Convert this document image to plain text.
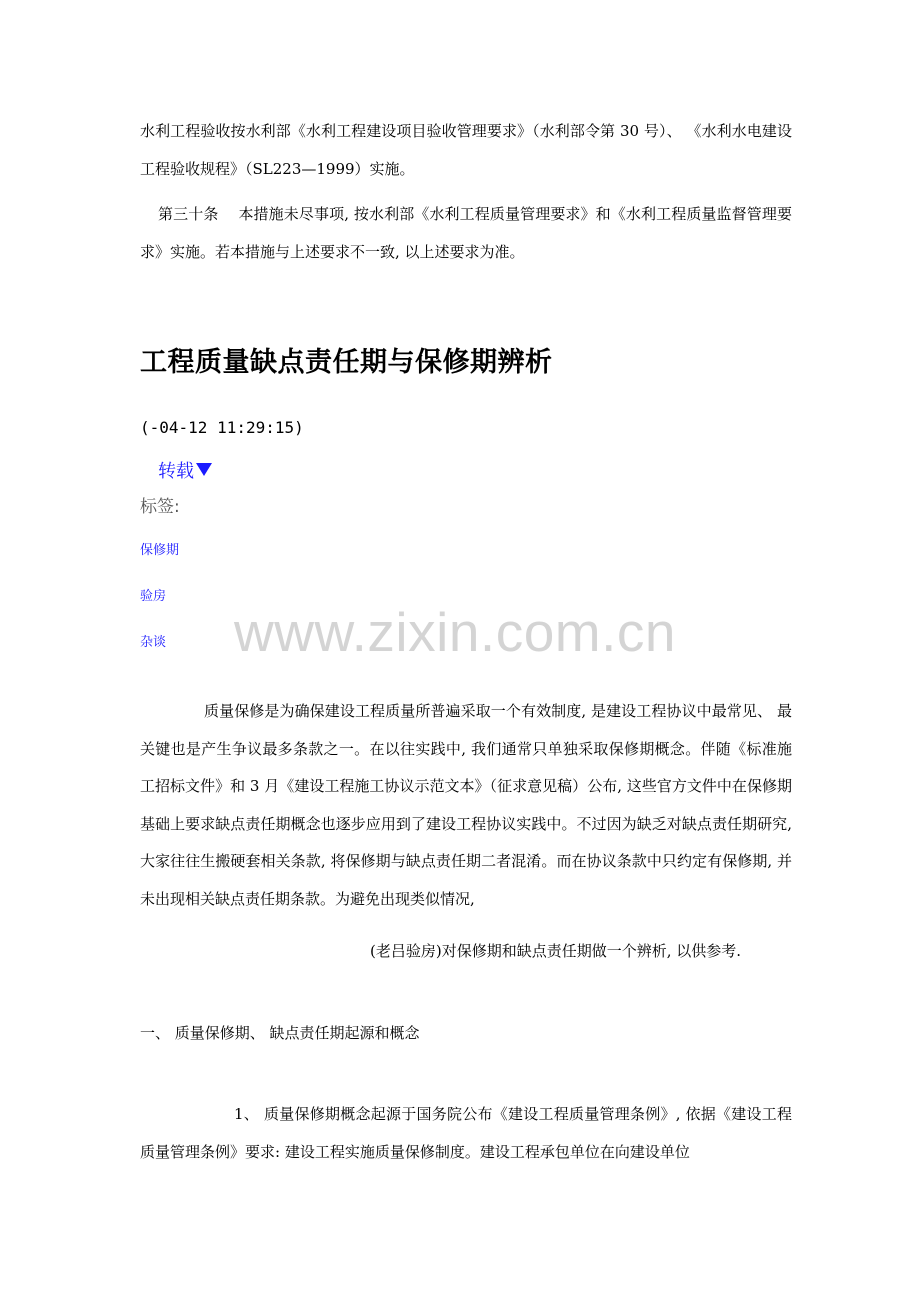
水利工程验收按水利部《水利工程建设项目验收管理要求》（水利部令第 30 号）、 《水利水电建设工程验收规程》（SL223—1999）实施。
第三十条　 本措施未尽事项, 按水利部《水利工程质量管理要求》和《水利工程质量监督管理要求》实施。若本措施与上述要求不一致, 以上述要求为准。
工程质量缺点责任期与保修期辨析
(-04-12 11:29:15)
转载
标签:
保修期
验房
杂谈 www.zixin.com.cn
质量保修是为确保建设工程质量所普遍采取一个有效制度, 是建设工程协议中最常见、 最关键也是产生争议最多条款之一。在以往实践中, 我们通常只单独采取保修期概念。伴随《标准施工招标文件》和 3 月《建设工程施工协议示范文本》（征求意见稿）公布, 这些官方文件中在保修期基础上要求缺点责任期概念也逐步应用到了建设工程协议实践中。不过因为缺乏对缺点责任期研究, 大家往往生搬硬套相关条款, 将保修期与缺点责任期二者混淆。而在协议条款中只约定有保修期, 并未出现相关缺点责任期条款。为避免出现类似情况,
(老吕验房)对保修期和缺点责任期做一个辨析, 以供参考.
一、 质量保修期、 缺点责任期起源和概念
1、 质量保修期概念起源于国务院公布《建设工程质量管理条例》, 依据《建设工程质量管理条例》要求: 建设工程实施质量保修制度。建设工程承包单位在向建设单位
